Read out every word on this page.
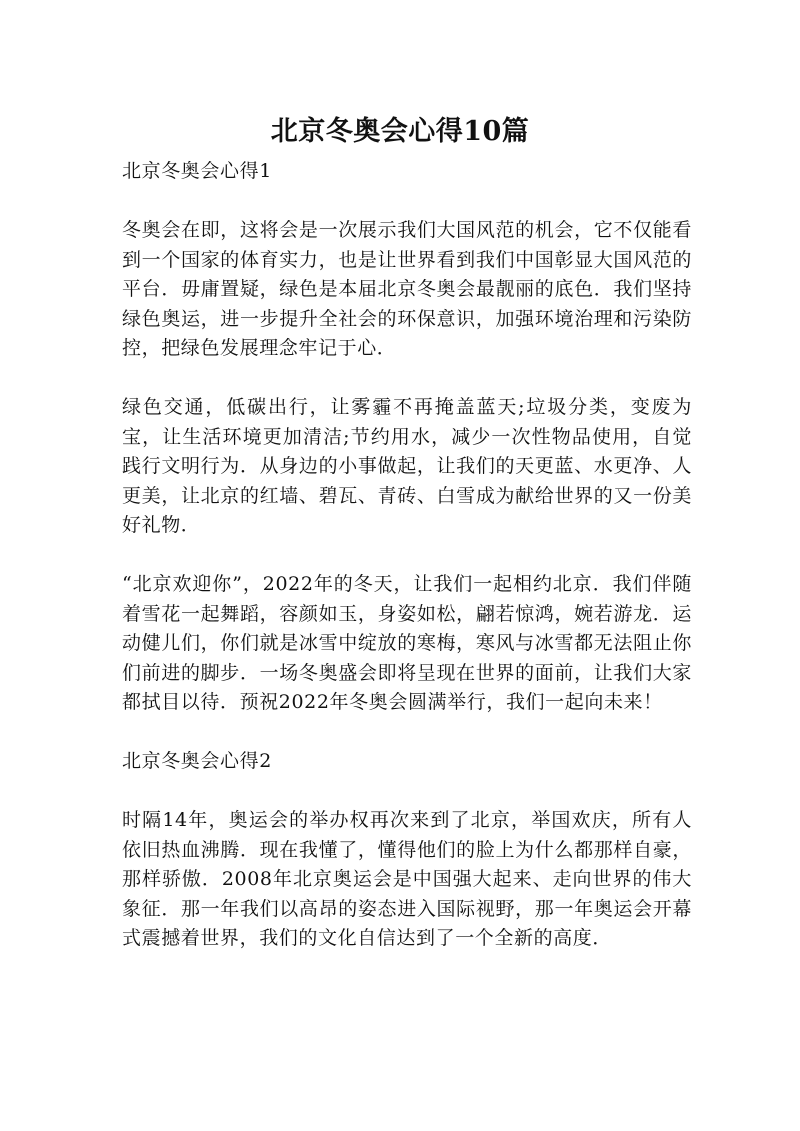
北京冬奥会心得10篇
北京冬奥会心得1

冬奥会在即，这将会是一次展示我们大国风范的机会，它不仅能看到一个国家的体育实力，也是让世界看到我们中国彰显大国风范的平台．毋庸置疑，绿色是本届北京冬奥会最靓丽的底色．我们坚持绿色奥运，进一步提升全社会的环保意识，加强环境治理和污染防控，把绿色发展理念牢记于心．

绿色交通，低碳出行，让雾霾不再掩盖蓝天;垃圾分类，变废为宝，让生活环境更加清洁;节约用水，减少一次性物品使用，自觉践行文明行为．从身边的小事做起，让我们的天更蓝、水更净、人更美，让北京的红墙、碧瓦、青砖、白雪成为献给世界的又一份美好礼物．

“北京欢迎你”，2022年的冬天，让我们一起相约北京．我们伴随着雪花一起舞蹈，容颜如玉，身姿如松，翩若惊鸿，婉若游龙．运动健儿们，你们就是冰雪中绽放的寒梅，寒风与冰雪都无法阻止你们前进的脚步．一场冬奥盛会即将呈现在世界的面前，让我们大家都拭目以待．预祝2022年冬奥会圆满举行，我们一起向未来！

北京冬奥会心得2

时隔14年，奥运会的举办权再次来到了北京，举国欢庆，所有人依旧热血沸腾．现在我懂了，懂得他们的脸上为什么都那样自豪，那样骄傲．2008年北京奥运会是中国强大起来、走向世界的伟大象征．那一年我们以高昂的姿态进入国际视野，那一年奥运会开幕式震撼着世界，我们的文化自信达到了一个全新的高度．
